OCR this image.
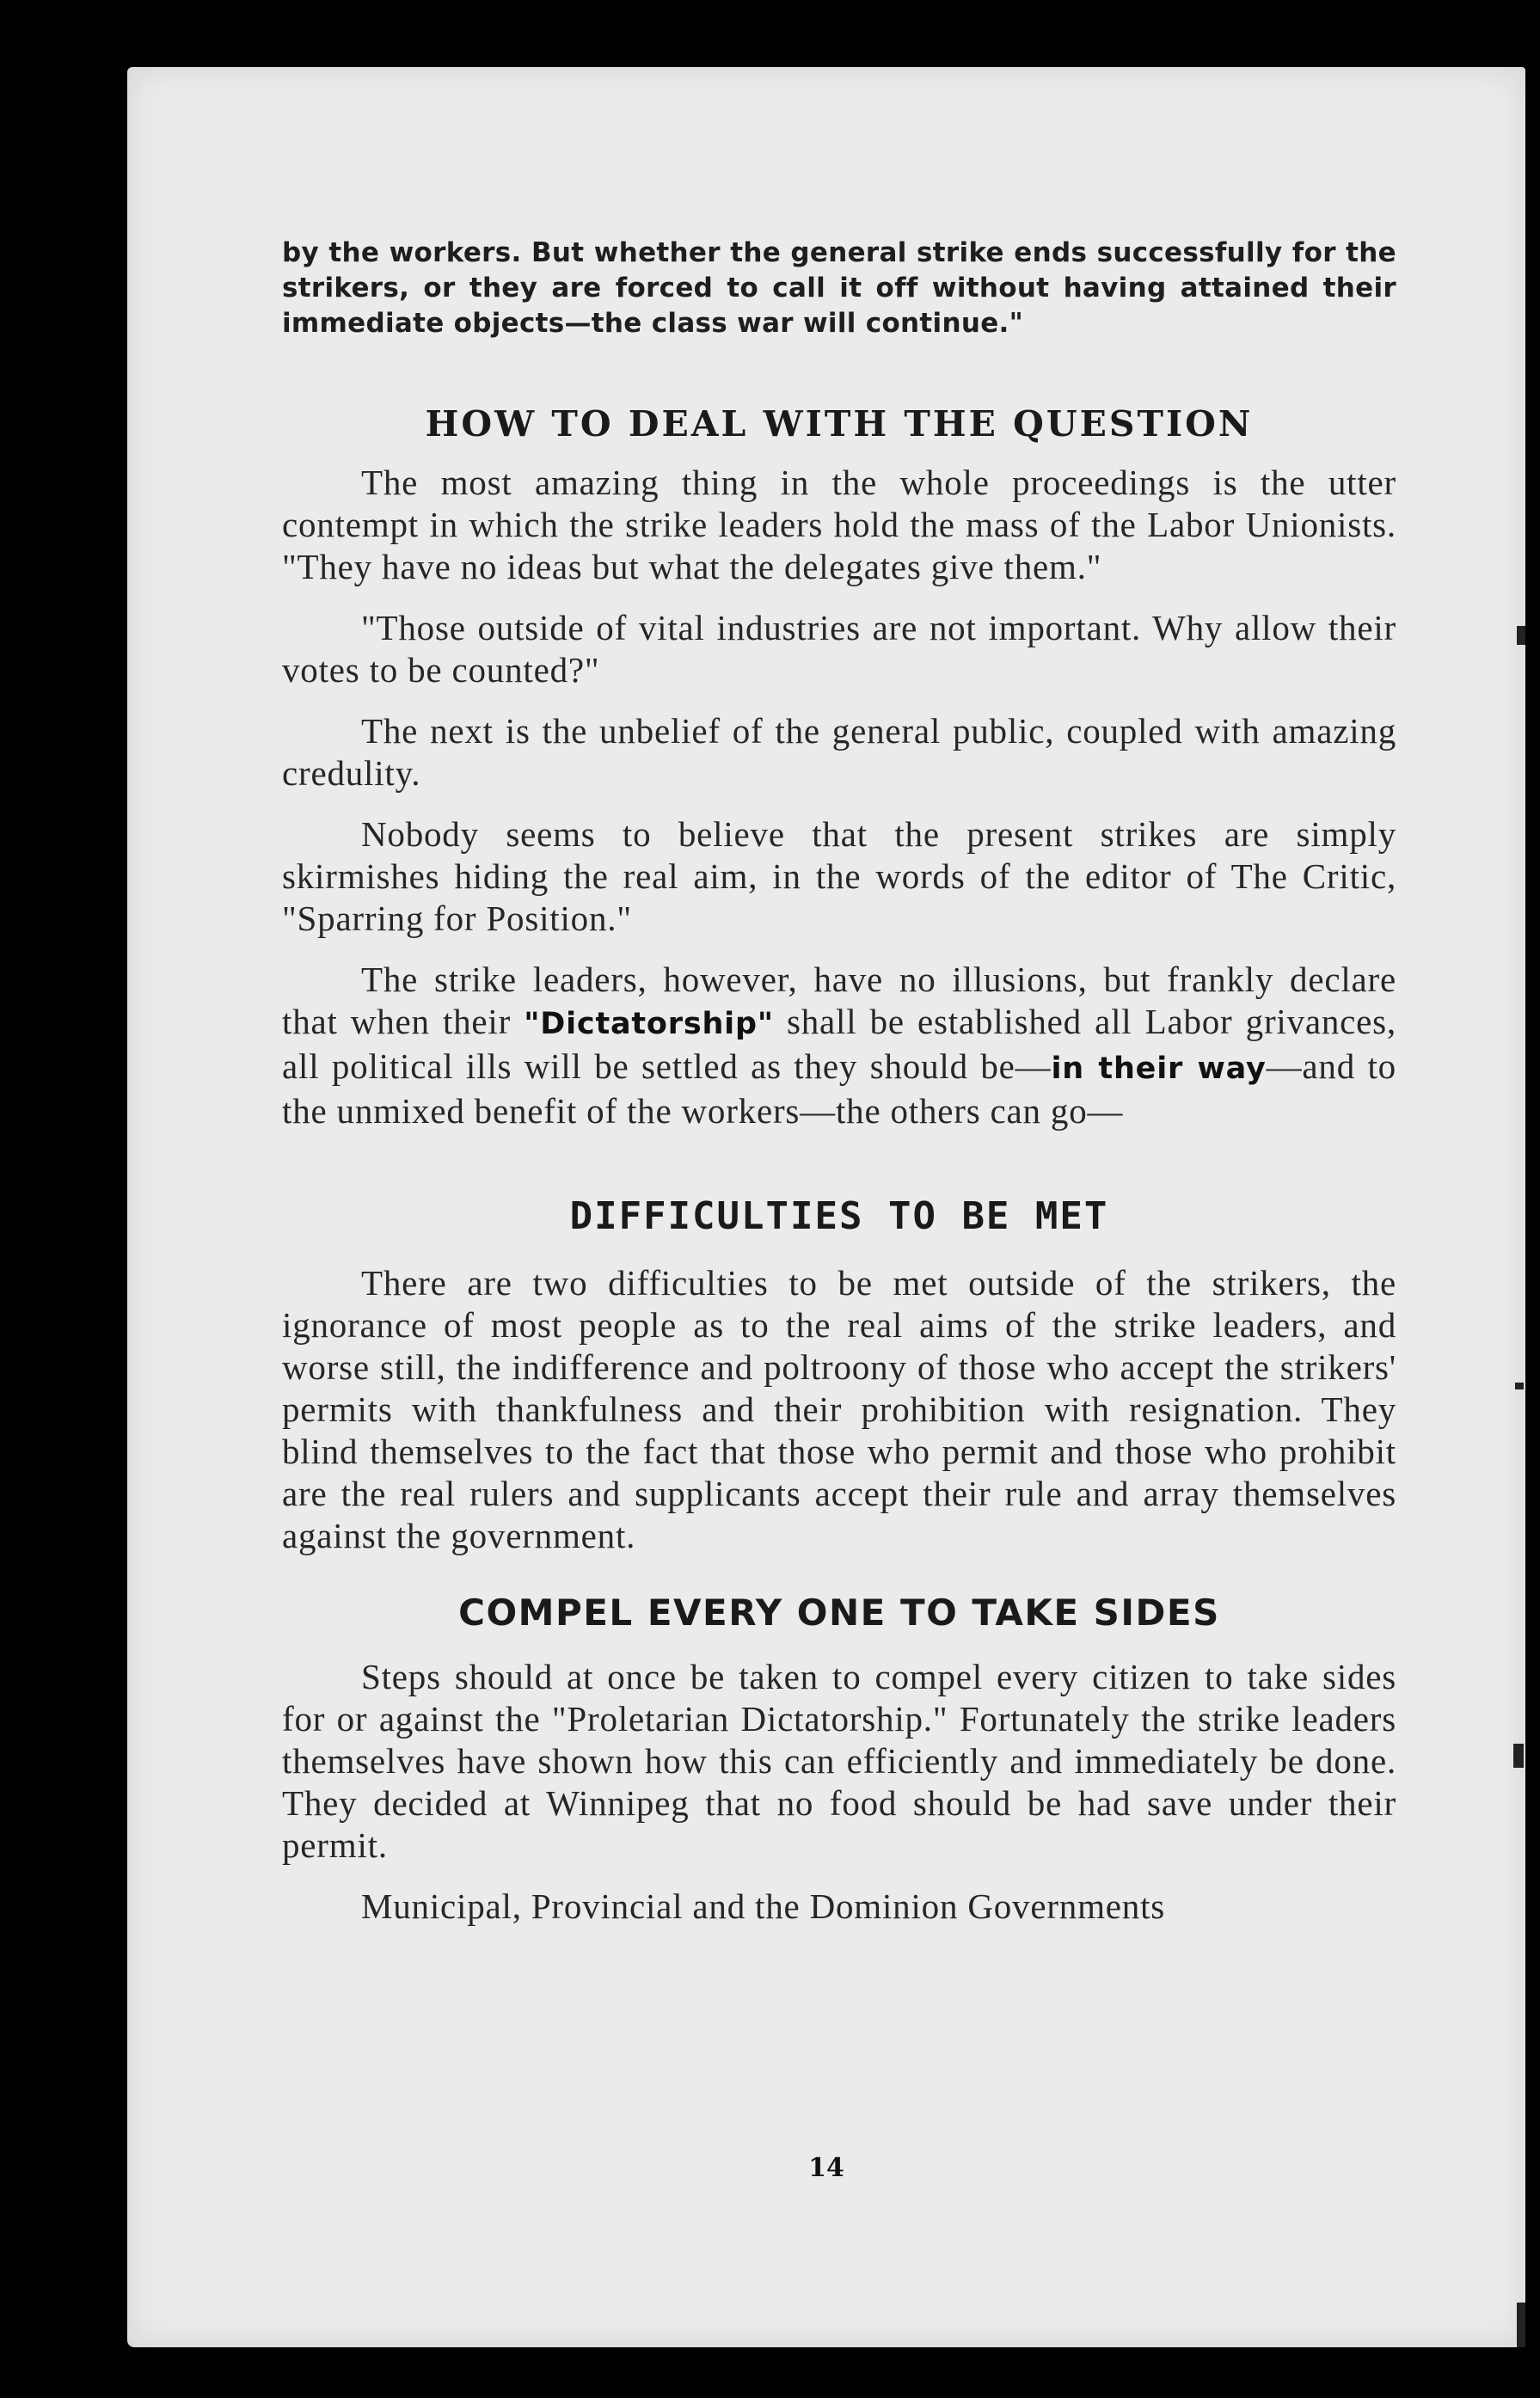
by the workers. But whether the general strike ends successfully for the strikers, or they are forced to call it off without having attained their immediate objects—the class war will continue."

HOW TO DEAL WITH THE QUESTION

The most amazing thing in the whole proceedings is the utter contempt in which the strike leaders hold the mass of the Labor Unionists. "They have no ideas but what the delegates give them."

"Those outside of vital industries are not important. Why allow their votes to be counted?"

The next is the unbelief of the general public, coupled with amazing credulity.

Nobody seems to believe that the present strikes are simply skirmishes hiding the real aim, in the words of the editor of The Critic, "Sparring for Position."

The strike leaders, however, have no illusions, but frankly declare that when their "Dictatorship" shall be established all Labor grivances, all political ills will be settled as they should be—in their way—and to the unmixed benefit of the workers—the others can go—

DIFFICULTIES TO BE MET

There are two difficulties to be met outside of the strikers, the ignorance of most people as to the real aims of the strike leaders, and worse still, the indifference and poltroony of those who accept the strikers' permits with thankfulness and their prohibition with resignation. They blind themselves to the fact that those who permit and those who prohibit are the real rulers and supplicants accept their rule and array themselves against the government.

COMPEL EVERY ONE TO TAKE SIDES

Steps should at once be taken to compel every citizen to take sides for or against the "Proletarian Dictatorship." Fortunately the strike leaders themselves have shown how this can efficiently and immediately be done. They decided at Winnipeg that no food should be had save under their permit.

Municipal, Provincial and the Dominion Governments

14
